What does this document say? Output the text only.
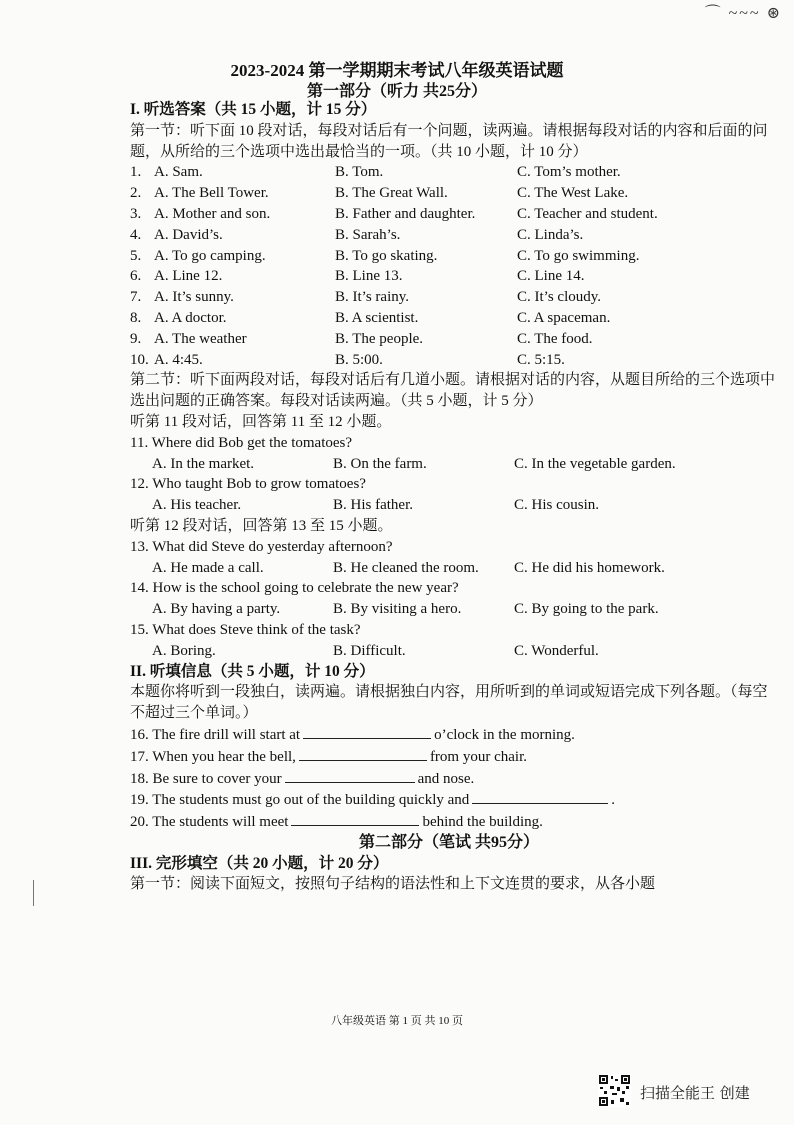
⌒ ~~~ ⊛
2023-2024 第一学期期末考试八年级英语试题
第一部分（听力 共25分）
I. 听选答案（共 15 小题，计 15 分）
第一节：听下面 10 段对话，每段对话后有一个问题，读两遍。请根据每段对话的内容和后面的问题，从所给的三个选项中选出最恰当的一项。（共 10 小题，计 10 分）
1. A. Sam.	B. Tom.	C. Tom’s mother.
2. A. The Bell Tower.	B. The Great Wall.	C. The West Lake.
3. A. Mother and son.	B. Father and daughter.	C. Teacher and student.
4. A. David’s.	B. Sarah’s.	C. Linda’s.
5. A. To go camping.	B. To go skating.	C. To go swimming.
6. A. Line 12.	B. Line 13.	C. Line 14.
7. A. It’s sunny.	B. It’s rainy.	C. It’s cloudy.
8. A. A doctor.	B. A scientist.	C. A spaceman.
9. A. The weather	B. The people.	C. The food.
10. A. 4:45.	B. 5:00.	C. 5:15.
第二节：听下面两段对话，每段对话后有几道小题。请根据对话的内容，从题目所给的三个选项中选出问题的正确答案。每段对话读两遍。（共 5 小题，计 5 分）
听第 11 段对话，回答第 11 至 12 小题。
11. Where did Bob get the tomatoes?
A. In the market.	B. On the farm.	C. In the vegetable garden.
12. Who taught Bob to grow tomatoes?
A. His teacher.	B. His father.	C. His cousin.
听第 12 段对话，回答第 13 至 15 小题。
13. What did Steve do yesterday afternoon?
A. He made a call.	B. He cleaned the room.	C. He did his homework.
14. How is the school going to celebrate the new year?
A. By having a party.	B. By visiting a hero.	C. By going to the park.
15. What does Steve think of the task?
A. Boring.	B. Difficult.	C. Wonderful.
II. 听填信息（共 5 小题，计 10 分）
本题你将听到一段独白，读两遍。请根据独白内容，用所听到的单词或短语完成下列各题。（每空不超过三个单词。）
16. The fire drill will start at	o’clock in the morning.
17. When you hear the bell,	from your chair.
18. Be sure to cover your	and nose.
19. The students must go out of the building quickly and	.
20. The students will meet	behind the building.
第二部分（笔试 共95分）
III. 完形填空（共 20 小题，计 20 分）
第一节：阅读下面短文，按照句子结构的语法性和上下文连贯的要求，从各小题
八年级英语 第 1 页 共 10 页
扫描全能王 创建
